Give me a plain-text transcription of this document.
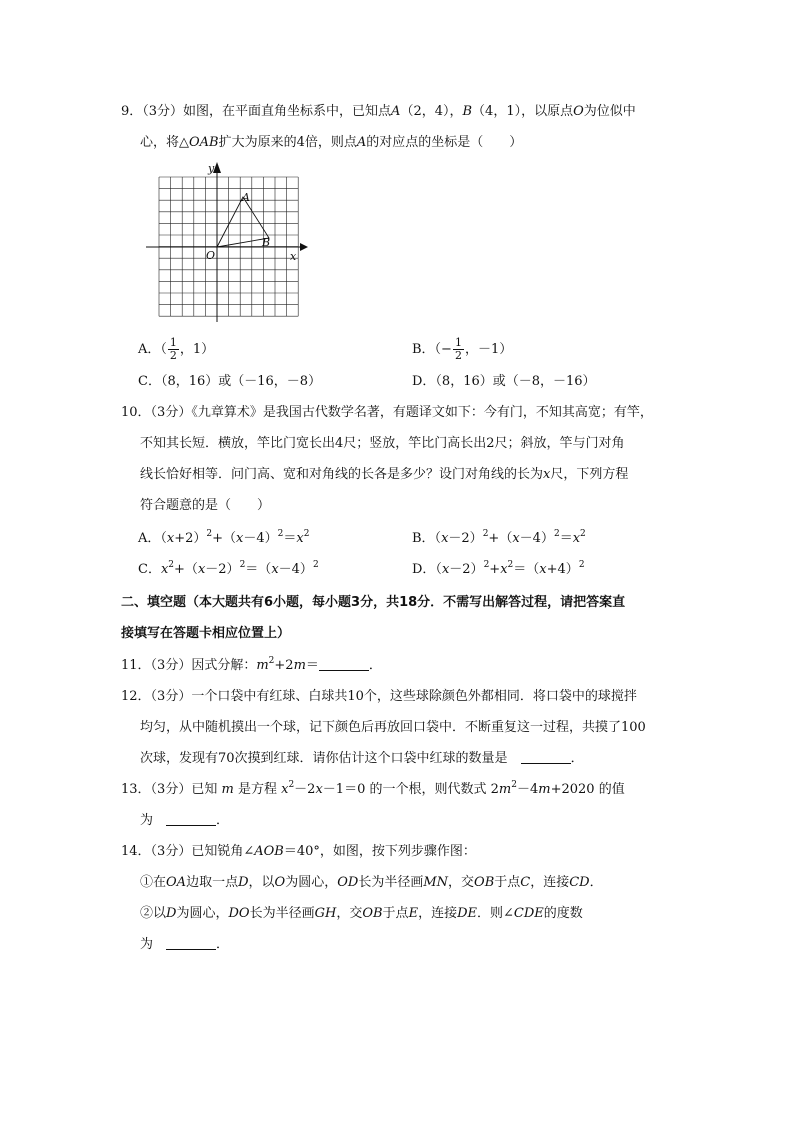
9．（3分）如图，在平面直角坐标系中，已知点A（2，4），B（4，1），以原点O为位似中
心，将△OAB扩大为原来的4倍，则点A的对应点的坐标是（　　）
y
x
O
A
B
A．（ $\frac{1}{2}$ ，1）	B．（− $\frac{1}{2}$ ，－1）
C．（8，16）或（－16，－8）	D．（8，16）或（－8，－16）
10．（3分）《九章算术》是我国古代数学名著，有题译文如下：今有门，不知其高宽；有竿，
不知其长短．横放，竿比门宽长出4尺；竖放，竿比门高长出2尺；斜放，竿与门对角
线长恰好相等．问门高、宽和对角线的长各是多少？设门对角线的长为x尺，下列方程
符合题意的是（　　）
A．$(x+2)^2+(x-4)^2=x^2$	B．$(x-2)^2+(x-4)^2=x^2$
C．$x^2+(x-2)^2=(x-4)^2$	D．$(x-2)^2+x^2=(x+4)^2$
二、填空题（本大题共有6小题，每小题3分，共18分．不需写出解答过程，请把答案直
接填写在答题卡相应位置上）
11．（3分）因式分解：$m^2+2m=$	．
12．（3分）一个口袋中有红球、白球共10个，这些球除颜色外都相同．将口袋中的球搅拌
均匀，从中随机摸出一个球，记下颜色后再放回口袋中．不断重复这一过程，共摸了100
次球，发现有70次摸到红球．请你估计这个口袋中红球的数量是　	．
13．（3分）已知 m 是方程 $x^2-2x-1=0$ 的一个根，则代数式 $2m^2-4m+2020$ 的值
为　	．
14．（3分）已知锐角∠AOB＝40°，如图，按下列步骤作图：
①在OA边取一点D，以O为圆心，OD长为半径画MN，交OB于点C，连接CD．
②以D为圆心，DO长为半径画GH，交OB于点E，连接DE．则∠CDE的度数
为　	．
